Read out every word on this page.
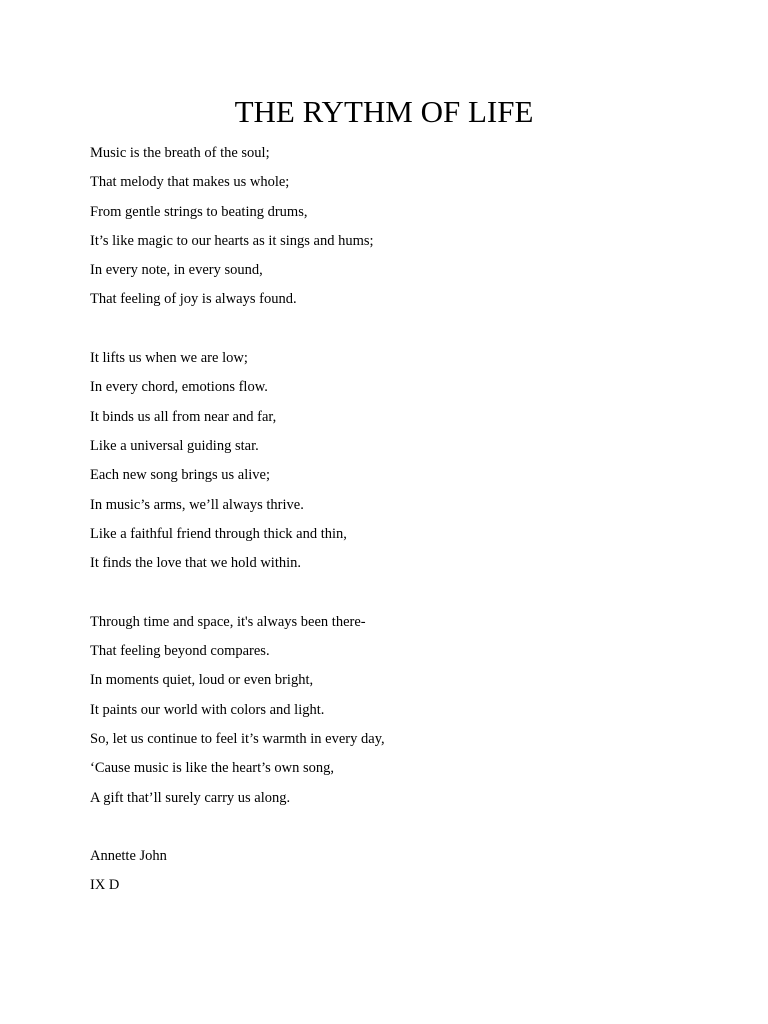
THE RYTHM OF LIFE
Music is the breath of the soul;
That melody that makes us whole;
From gentle strings to beating drums,
It’s like magic to our hearts as it sings and hums;
In every note, in every sound,
That feeling of joy is always found.
It lifts us when we are low;
In every chord, emotions flow.
It binds us all from near and far,
Like a universal guiding star.
Each new song brings us alive;
In music’s arms, we’ll always thrive.
Like a faithful friend through thick and thin,
It finds the love that we hold within.
Through time and space, it's always been there-
That feeling beyond compares.
In moments quiet, loud or even bright,
It paints our world with colors and light.
So, let us continue to feel it’s warmth in every day,
‘Cause music is like the heart’s own song,
A gift that’ll surely carry us along.
Annette John
IX D
